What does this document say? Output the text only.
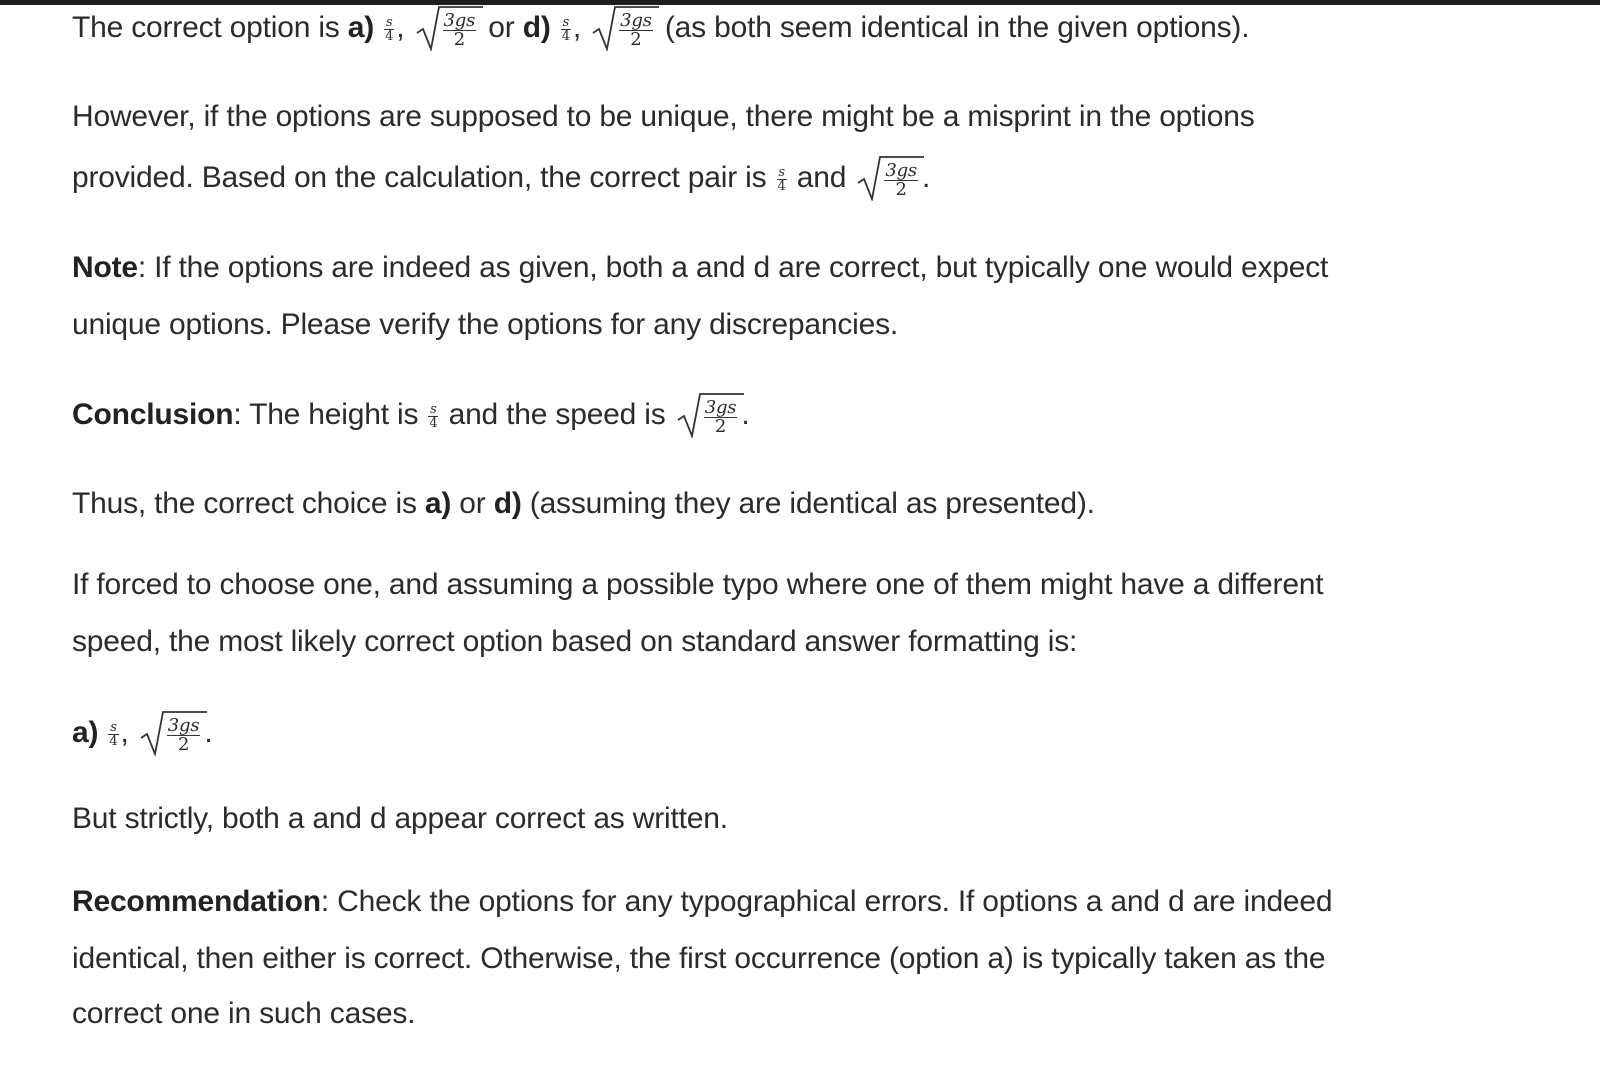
The correct option is $a) \frac{s}{4}$ , $\frac{3gs}{2}$ or $d) \frac{s}{4}$ , $\frac{3gs}{2} (as$ both seem identical in the given options).
However, if the options are supposed to be unique, there might be a misprint in the options
provided. Based on the calculation, the correct pair is $\frac{s}{4}$ and $\frac{3gs}{2}$ .
Note: If the options are indeed as given, both a and d are correct, but typically one would expect
unique options. Please verify the options for any discrepancies.
Conclusion: The height is $\frac{s}{4}$ and the speed is $\frac{3gs}{2}$ .
Thus, the correct choice is a) or d) (assuming they are identical as presented).
If forced to choose one, and assuming a possible typo where one of them might have a different
speed, the most likely correct option based on standard answer formatting is:
$a) \frac{s}{4}$ , $\frac{3gs}{2}$ .
But strictly, both a and d appear correct as written.
Recommendation: Check the options for any typographical errors. If options a and d are indeed
identical, then either is correct. Otherwise, the first occurrence (option a) is typically taken as the
correct one in such cases.
